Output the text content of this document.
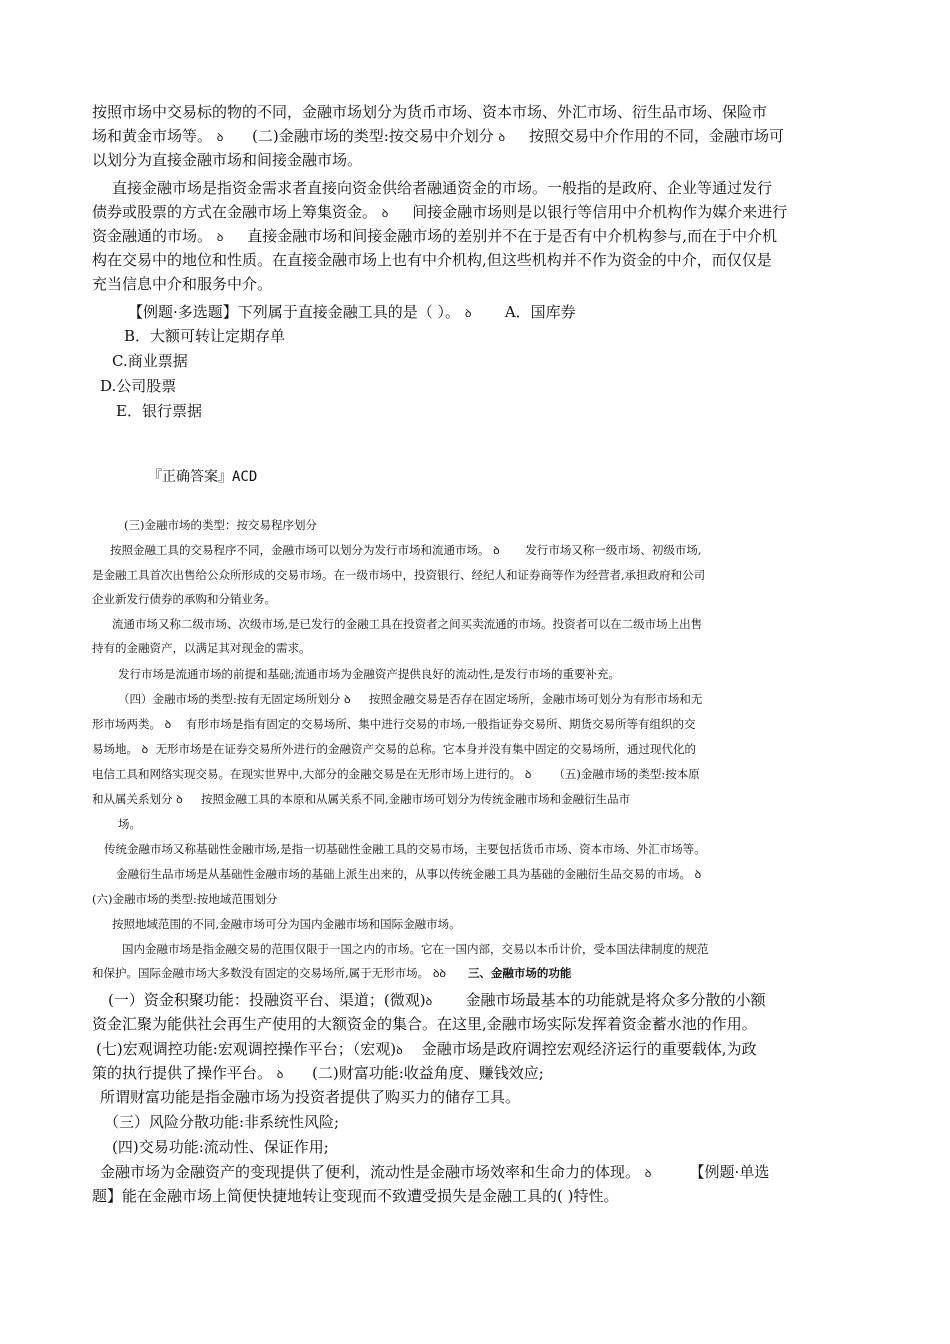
按照市场中交易标的物的不同，金融市场划分为货币市场、资本市场、外汇市场、衍生品市场、保险市
场和黄金市场等。 ꝺ (二)金融市场的类型:按交易中介划分 ꝺ 按照交易中介作用的不同，金融市场可
以划分为直接金融市场和间接金融市场。
直接金融市场是指资金需求者直接向资金供给者融通资金的市场。一般指的是政府、企业等通过发行
债券或股票的方式在金融市场上筹集资金。 ꝺ 间接金融市场则是以银行等信用中介机构作为媒介来进行
资金融通的市场。 ꝺ 直接金融市场和间接金融市场的差别并不在于是否有中介机构参与,而在于中介机
构在交易中的地位和性质。在直接金融市场上也有中介机构,但这些机构并不作为资金的中介，而仅仅是
充当信息中介和服务中介。
【例题·多选题】下列属于直接金融工具的是（ ）。 ꝺ A．国库券
B．大额可转让定期存单
C.商业票据
D.公司股票
E．银行票据
『正确答案』ACD
(三)金融市场的类型：按交易程序划分
按照金融工具的交易程序不同，金融市场可以划分为发行市场和流通市场。 ꝺ 发行市场又称一级市场、初级市场,
是金融工具首次出售给公众所形成的交易市场。在一级市场中，投资银行、经纪人和证券商等作为经营者,承担政府和公司
企业新发行债券的承购和分销业务。
流通市场又称二级市场、次级市场,是已发行的金融工具在投资者之间买卖流通的市场。投资者可以在二级市场上出售
持有的金融资产，以满足其对现金的需求。
发行市场是流通市场的前提和基础;流通市场为金融资产提供良好的流动性,是发行市场的重要补充。
（四）金融市场的类型:按有无固定场所划分 ꝺ 按照金融交易是否存在固定场所，金融市场可划分为有形市场和无
形市场两类。 ꝺ 有形市场是指有固定的交易场所、集中进行交易的市场,一般指证券交易所、期货交易所等有组织的交
易场地。 ꝺ 无形市场是在证券交易所外进行的金融资产交易的总称。它本身并没有集中固定的交易场所，通过现代化的
电信工具和网络实现交易。在现实世界中,大部分的金融交易是在无形市场上进行的。 ꝺ （五)金融市场的类型:按本原
和从属关系划分 ꝺ 按照金融工具的本原和从属关系不同,金融市场可划分为传统金融市场和金融衍生品市
场。
传统金融市场又称基础性金融市场,是指一切基础性金融工具的交易市场，主要包括货币市场、资本市场、外汇市场等。
金融衍生品市场是从基础性金融市场的基础上派生出来的，从事以传统金融工具为基础的金融衍生品交易的市场。 ꝺ
(六)金融市场的类型:按地域范围划分
按照地域范围的不同,金融市场可分为国内金融市场和国际金融市场。
国内金融市场是指金融交易的范围仅限于一国之内的市场。它在一国内部，交易以本币计价，受本国法律制度的规范
和保护。国际金融市场大多数没有固定的交易场所,属于无形市场。 ꝺꝺ 三、金融市场的功能
(一）资金积聚功能：投融资平台、渠道；(微观)ꝺ 金融市场最基本的功能就是将众多分散的小额
资金汇聚为能供社会再生产使用的大额资金的集合。在这里,金融市场实际发挥着资金蓄水池的作用。
(七)宏观调控功能:宏观调控操作平台；（宏观)ꝺ 金融市场是政府调控宏观经济运行的重要载体,为政
策的执行提供了操作平台。 ꝺ (二)财富功能:收益角度、赚钱效应;
所谓财富功能是指金融市场为投资者提供了购买力的储存工具。
（三）风险分散功能:非系统性风险;
(四)交易功能:流动性、保证作用;
金融市场为金融资产的变现提供了便利，流动性是金融市场效率和生命力的体现。 ꝺ	【例题·单选
题】能在金融市场上简便快捷地转让变现而不致遭受损失是金融工具的( )特性。
